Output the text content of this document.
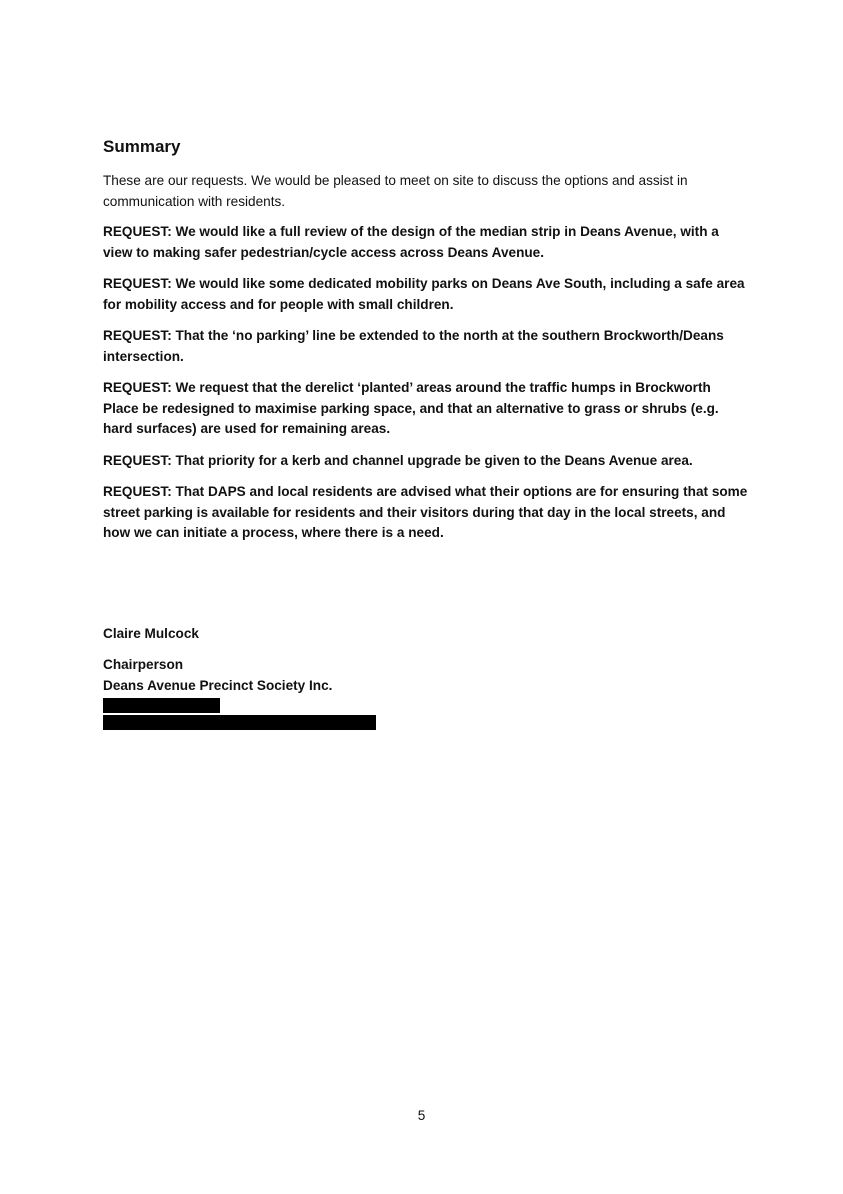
Summary

These are our requests. We would be pleased to meet on site to discuss the options and assist in communication with residents.

REQUEST: We would like a full review of the design of the median strip in Deans Avenue, with a view to making safer pedestrian/cycle access across Deans Avenue.

REQUEST: We would like some dedicated mobility parks on Deans Ave South, including a safe area for mobility access and for people with small children.

REQUEST: That the ‘no parking’ line be extended to the north at the southern Brockworth/Deans intersection.

REQUEST: We request that the derelict ‘planted’ areas around the traffic humps in Brockworth Place be redesigned to maximise parking space, and that an alternative to grass or shrubs (e.g. hard surfaces) are used for remaining areas.

REQUEST: That priority for a kerb and channel upgrade be given to the Deans Avenue area.

REQUEST: That DAPS and local residents are advised what their options are for ensuring that some street parking is available for residents and their visitors during that day in the local streets, and how we can initiate a process, where there is a need.

Claire Mulcock

Chairperson

Deans Avenue Precinct Society Inc.

5
